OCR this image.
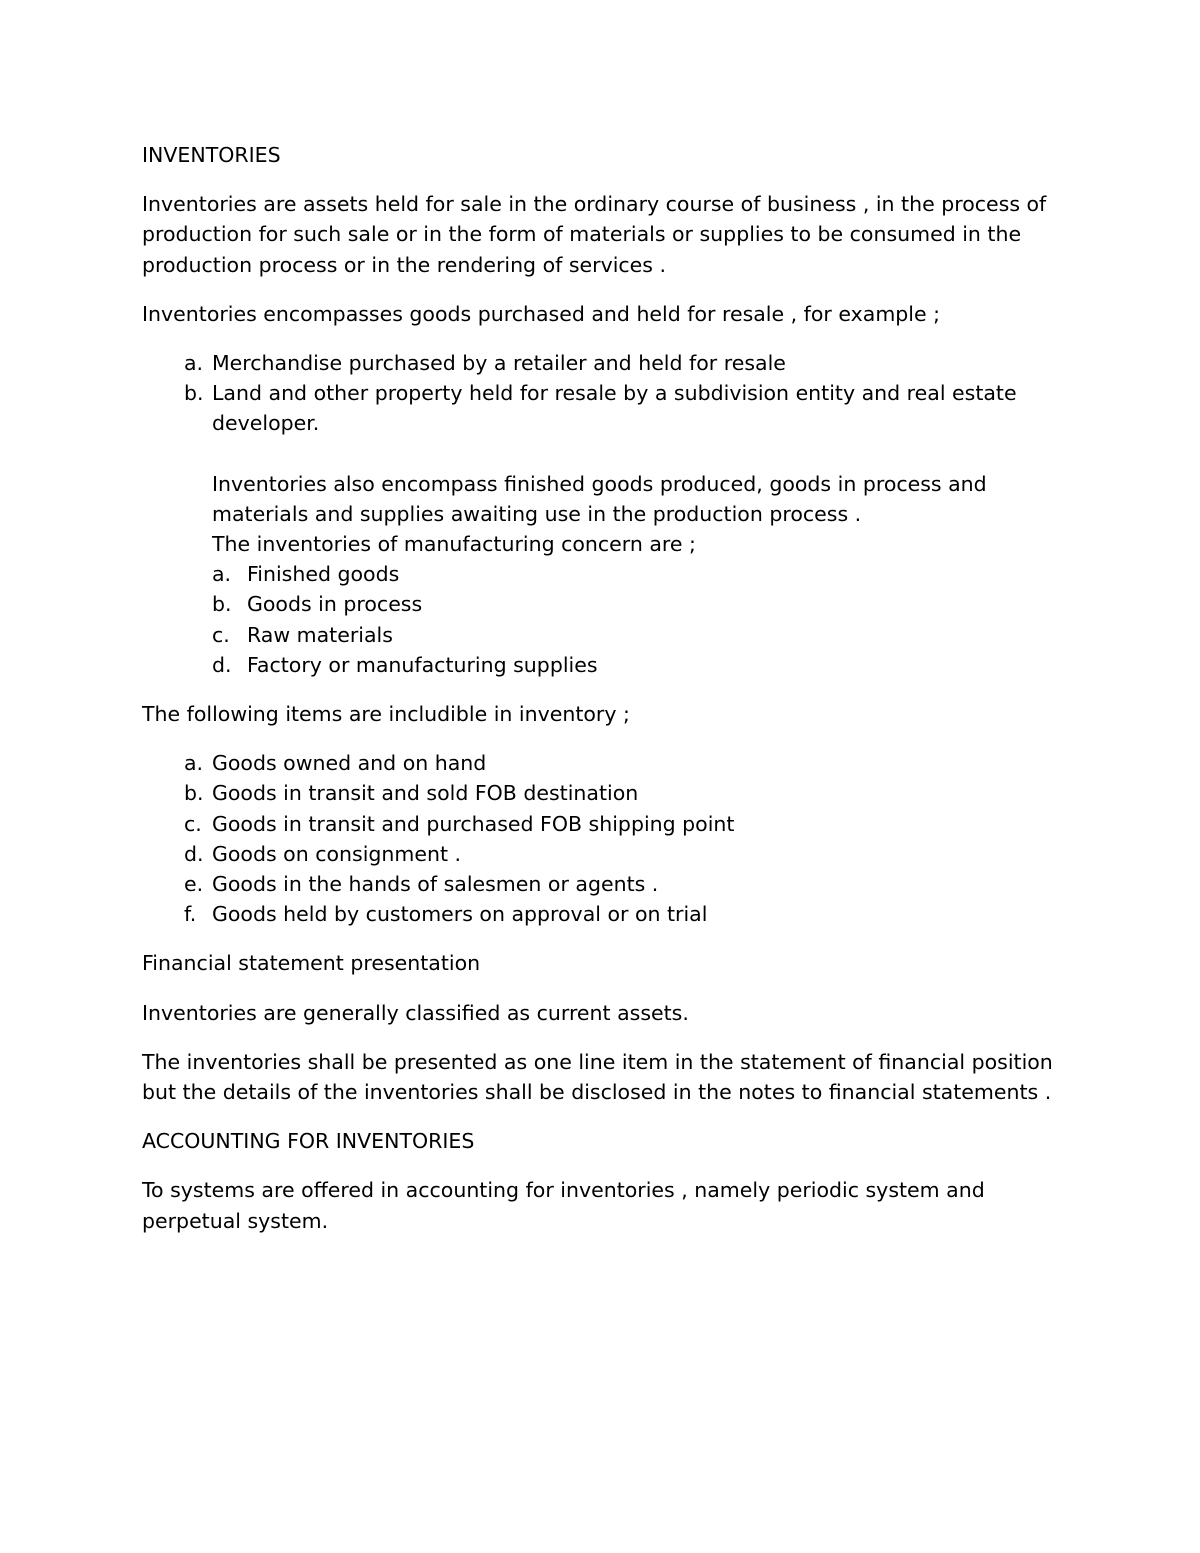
INVENTORIES

Inventories are assets held for sale in the ordinary course of business , in the process of production for such sale or in the form of materials or supplies to be consumed in the production process or in the rendering of services .

Inventories encompasses goods purchased and held for resale , for example ;

a. Merchandise purchased by a retailer and held for resale
b. Land and other property held for resale by a subdivision entity and real estate developer.

Inventories also encompass finished goods produced, goods in process and materials and supplies awaiting use in the production process .

The inventories of manufacturing concern are ;

a. Finished goods
b. Goods in process
c. Raw materials
d. Factory or manufacturing supplies

The following items are includible in inventory ;

a. Goods owned and on hand
b. Goods in transit and sold FOB destination
c. Goods in transit and purchased FOB shipping point
d. Goods on consignment .
e. Goods in the hands of salesmen or agents .
f. Goods held by customers on approval or on trial

Financial statement presentation

Inventories are generally classified as current assets.

The inventories shall be presented as one line item in the statement of financial position but the details of the inventories shall be disclosed in the notes to financial statements .

ACCOUNTING FOR INVENTORIES

To systems are offered in accounting for inventories , namely periodic system and perpetual system.
